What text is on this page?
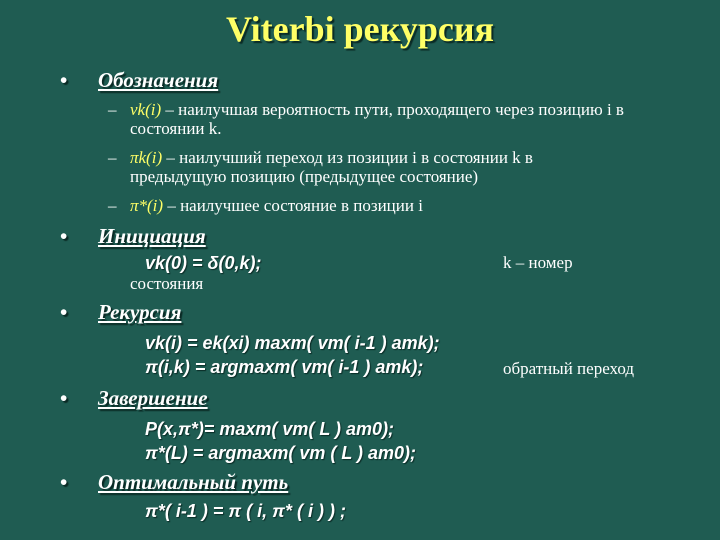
Viterbi рекурсия
• Обозначения
– vk(i) – наилучшая вероятность пути, проходящего через позицию i в состоянии k.
– πk(i) – наилучший переход из позиции i в состоянии k в предыдущую позицию (предыдущее состояние)
– π*(i) – наилучшее состояние в позиции i
• Инициация
vk(0) = δ(0,k);	k – номер
состояния
• Рекурсия
vk(i) = ek(xi) maxm( vm( i-1 ) amk);
π(i,k) = argmaxm( vm( i-1 ) amk);	обратный переход
• Завершение
P(x,π*)= maxm( vm( L ) am0);
π*(L) = argmaxm( vm ( L ) am0);
• Оптимальный путь
π*( i-1 ) = π ( i, π* ( i ) ) ;
